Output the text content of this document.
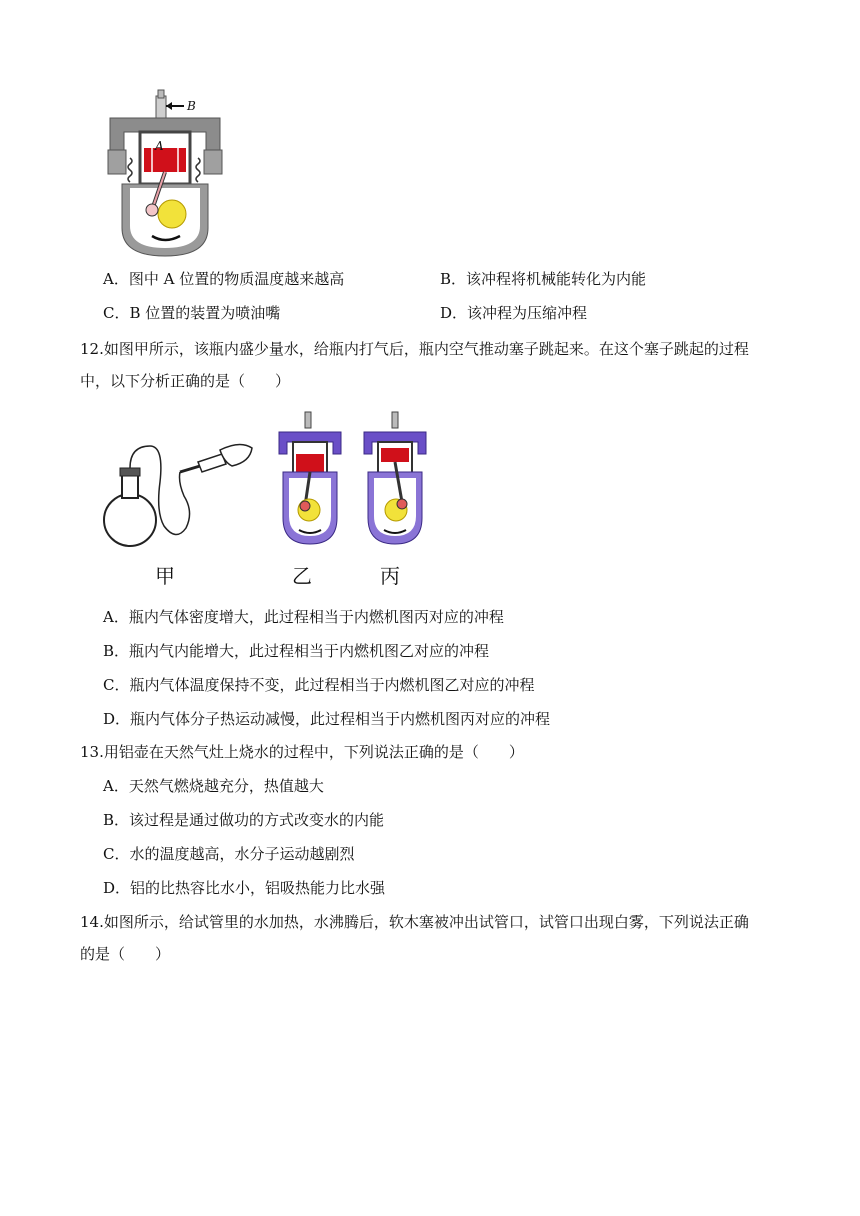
B
A
A．图中 A 位置的物质温度越来越高	B．该冲程将机械能转化为内能
C．B 位置的装置为喷油嘴	D．该冲程为压缩冲程
12.如图甲所示，该瓶内盛少量水，给瓶内打气后，瓶内空气推动塞子跳起来。在这个塞子跳起的过程
中，以下分析正确的是（　　）
甲	乙	丙
A．瓶内气体密度增大，此过程相当于内燃机图丙对应的冲程
B．瓶内气内能增大，此过程相当于内燃机图乙对应的冲程
C．瓶内气体温度保持不变，此过程相当于内燃机图乙对应的冲程
D．瓶内气体分子热运动减慢，此过程相当于内燃机图丙对应的冲程
13.用铝壶在天然气灶上烧水的过程中，下列说法正确的是（　　）
A．天然气燃烧越充分，热值越大
B．该过程是通过做功的方式改变水的内能
C．水的温度越高，水分子运动越剧烈
D．铝的比热容比水小，铝吸热能力比水强
14.如图所示，给试管里的水加热，水沸腾后，软木塞被冲出试管口，试管口出现白雾，下列说法正确
的是（　　）
